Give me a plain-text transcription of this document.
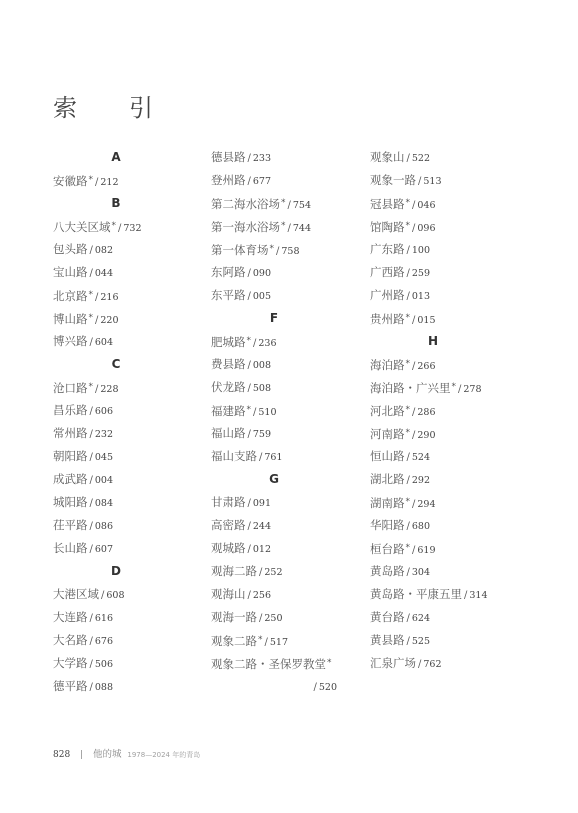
索　引
A
安徽路* / 212
B
八大关区域* / 732
包头路 / 082
宝山路 / 044
北京路* / 216
博山路* / 220
博兴路 / 604
C
沧口路* / 228
昌乐路 / 606
常州路 / 232
朝阳路 / 045
成武路 / 004
城阳路 / 084
茌平路 / 086
长山路 / 607
D
大港区域 / 608
大连路 / 616
大名路 / 676
大学路 / 506
德平路 / 088
德县路 / 233
登州路 / 677
第二海水浴场* / 754
第一海水浴场* / 744
第一体育场* / 758
东阿路 / 090
东平路 / 005
F
肥城路* / 236
费县路 / 008
伏龙路 / 508
福建路* / 510
福山路 / 759
福山支路 / 761
G
甘肃路 / 091
高密路 / 244
观城路 / 012
观海二路 / 252
观海山 / 256
观海一路 / 250
观象二路* / 517
观象二路・圣保罗教堂*
/ 520
观象山 / 522
观象一路 / 513
冠县路* / 046
馆陶路* / 096
广东路 / 100
广西路 / 259
广州路 / 013
贵州路* / 015
H
海泊路* / 266
海泊路・广兴里* / 278
河北路* / 286
河南路* / 290
恒山路 / 524
湖北路 / 292
湖南路* / 294
华阳路 / 680
桓台路* / 619
黄岛路 / 304
黄岛路・平康五里 / 314
黄台路 / 624
黄县路 / 525
汇泉广场 / 762
828 | 他的城 1978—2024 年的青岛
